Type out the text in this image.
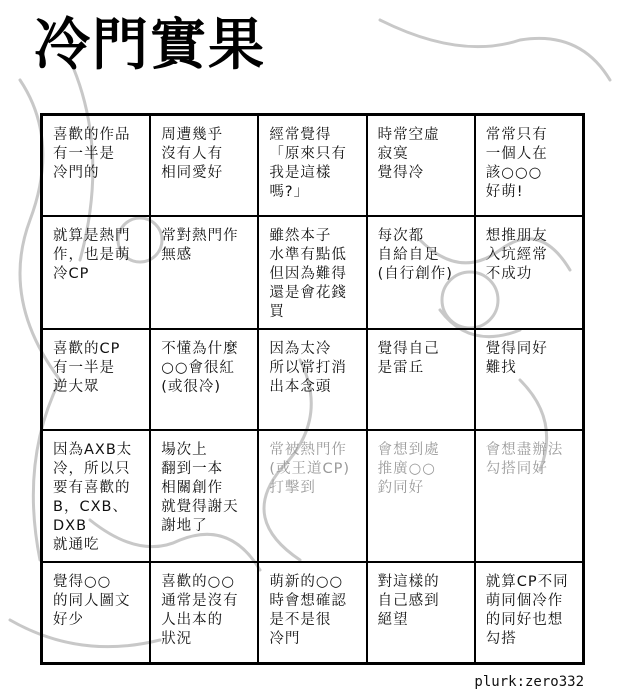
冷門實果
喜歡的作品
有一半是
冷門的
周遭幾乎
沒有人有
相同愛好
經常覺得
「原來只有
我是這樣
嗎?」
時常空虛
寂寞
覺得冷
常常只有
一個人在
該○○○
好萌!
就算是熱門
作，也是萌
冷CP
常對熱門作
無感
雖然本子
水準有點低
但因為難得
還是會花錢
買
每次都
自給自足
(自行創作)
想推朋友
入坑經常
不成功
喜歡的CP
有一半是
逆大眾
不懂為什麼
○○會很紅
(或很冷)
因為太冷
所以常打消
出本念頭
覺得自己
是雷丘
覺得同好
難找
因為AXB太
冷，所以只
要有喜歡的
B，CXB、DXB
就通吃
場次上
翻到一本
相關創作
就覺得謝天
謝地了
常被熱門作
(或王道CP)
打擊到
會想到處
推廣○○
釣同好
會想盡辦法
勾搭同好
覺得○○
的同人圖文
好少
喜歡的○○
通常是沒有
人出本的
狀況
萌新的○○
時會想確認
是不是很
冷門
對這樣的
自己感到
絕望
就算CP不同
萌同個冷作
的同好也想
勾搭
plurk:zero332
